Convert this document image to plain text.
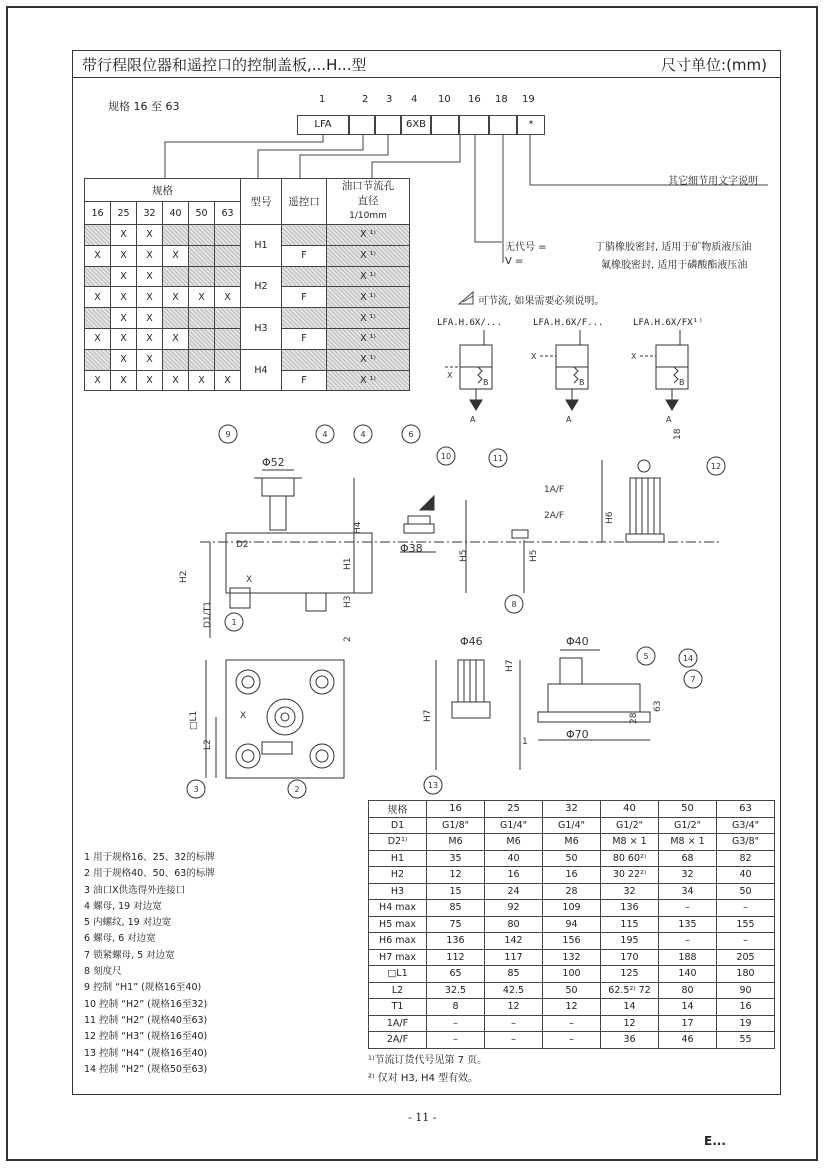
带行程限位器和遥控口的控制盖板,...H...型	尺寸单位:(mm)
规格 16 至 63
1	2 3 4 10 16 18 19
LFA	6XB	*
其它细节用文字说明
规格						型号	遥控口	油口节流孔
直径
1/10mm

16	25	32	40	50	63			
	X	X				H1		X ¹⁾
X	X	X	X				F	X ¹⁾
	X	X				H2		X ¹⁾
X	X	X	X	X	X		F	X ¹⁾
	X	X				H3		X ¹⁾
X	X	X	X				F	X ¹⁾
	X	X				H4		X ¹⁾
X	X	X	X	X	X		F	X ¹⁾
无代号 =	丁腈橡胶密封, 适用于矿物质液压油
V =	氟橡胶密封, 适用于磷酸酯液压油
可节流, 如果需要必须说明。
LFA.H.6X/...	LFA.H.6X/F...	LFA.H.6X/FX¹⁾
X
A
B
X
A
B
X
A
B
9	4	4	6
10	11
12
1
2
3
8
5	14
7
13
Φ52
Φ38
Φ46	Φ40
Φ70
H4
H1
H3
H5	H5
H6
H2
D1/T1
□L1
L2
H7
H7
2
18
28
63
1
D2
X
X
1A/F
2A/F
1 用于规格16、25、32的标牌
2 用于规格40、50、63的标牌
3 油口X供选得外连接口
4 螺母, 19 对边宽
5 内螺纹, 19 对边宽
6 螺母, 6 对边宽
7 锁紧螺母, 5 对边宽
8 刻度尺
9 控制 “H1” (规格16至40)
10 控制 “H2” (规格16至32)
11 控制 “H2” (规格40至63)
12 控制 “H3” (规格16至40)
13 控制 “H4” (规格16至40)
14 控制 “H2” (规格50至63)
规格	16	25	32	40	50	63
D1	G1/8"	G1/4"	G1/4"	G1/2"	G1/2"	G3/4"
D2¹⁾	M6	M6	M6	M8 × 1	M8 × 1	G3/8"
H1	35	40	50	80 60²⁾	68	82
H2	12	16	16	30 22²⁾	32	40
H3	15	24	28	32	34	50
H4 max	85	92	109	136	–	–
H5 max	75	80	94	115	135	155
H6 max	136	142	156	195	–	–
H7 max	112	117	132	170	188	205
□L1	65	85	100	125	140	180
L2	32.5	42.5	50	62.5²⁾ 72	80	90
T1	8	12	12	14	14	16
1A/F	–	–	–	12	17	19
2A/F	–	–	–	36	46	55
¹⁾节流订货代号见第 7 页。
²⁾ 仅对 H3, H4 型有效。
- 11 -
E...
